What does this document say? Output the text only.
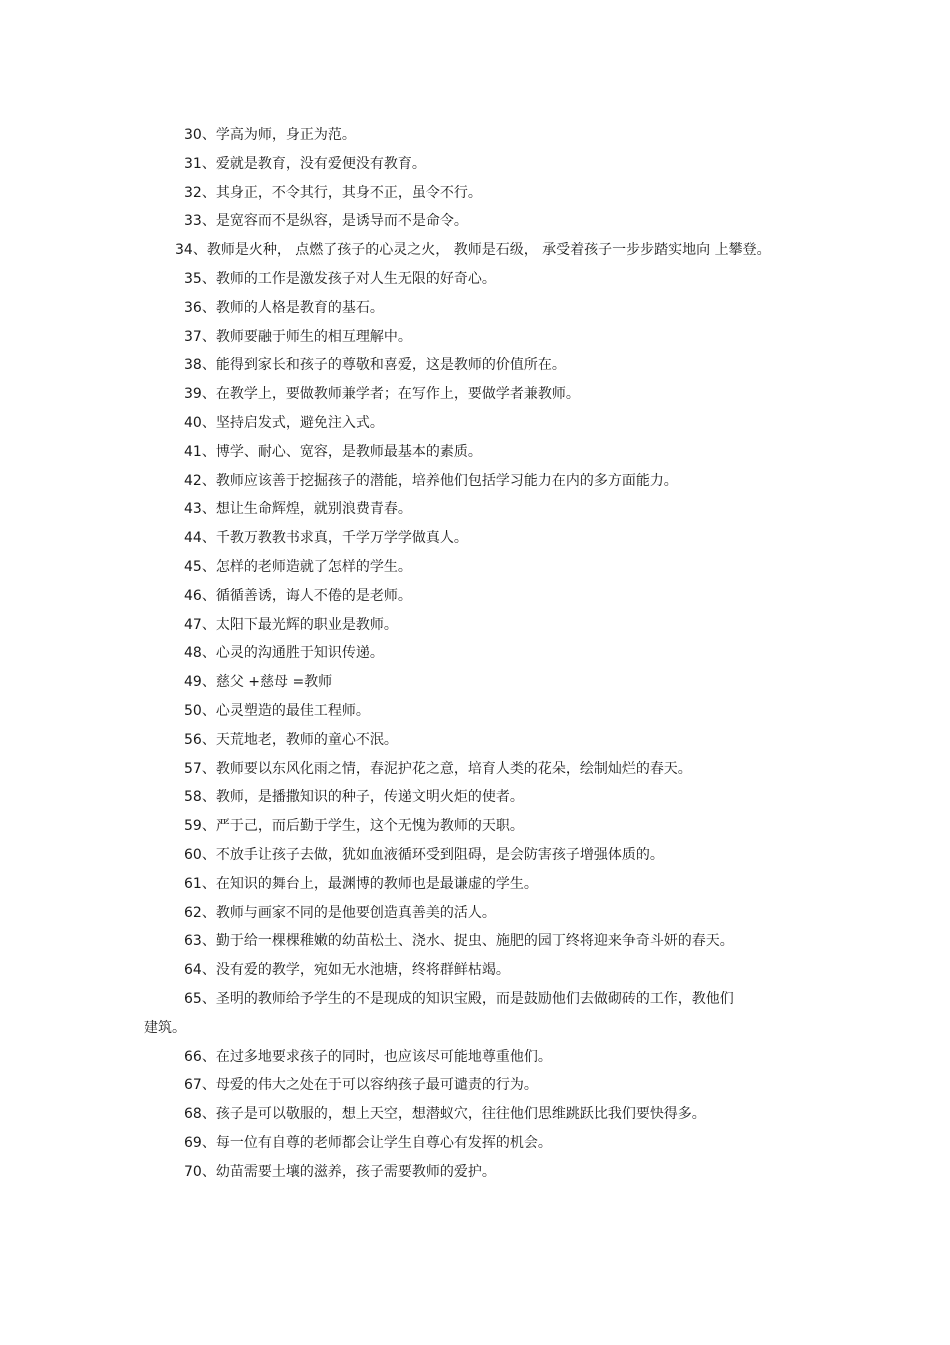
30、学高为师，身正为范。
31、爱就是教育，没有爱便没有教育。
32、其身正，不令其行，其身不正，虽令不行。
33、是宽容而不是纵容，是诱导而不是命令。
34、教师是火种， 点燃了孩子的心灵之火， 教师是石级， 承受着孩子一步步踏实地向 上攀登。
35、教师的工作是激发孩子对人生无限的好奇心。
36、教师的人格是教育的基石。
37、教师要融于师生的相互理解中。
38、能得到家长和孩子的尊敬和喜爱，这是教师的价值所在。
39、在教学上，要做教师兼学者；在写作上，要做学者兼教师。
40、坚持启发式，避免注入式。
41、博学、耐心、宽容，是教师最基本的素质。
42、教师应该善于挖掘孩子的潜能，培养他们包括学习能力在内的多方面能力。
43、想让生命辉煌，就别浪费青春。
44、千教万教教书求真，千学万学学做真人。
45、怎样的老师造就了怎样的学生。
46、循循善诱，诲人不倦的是老师。
47、太阳下最光辉的职业是教师。
48、心灵的沟通胜于知识传递。
49、慈父 +慈母 =教师
50、心灵塑造的最佳工程师。
56、天荒地老，教师的童心不泯。
57、教师要以东风化雨之情，春泥护花之意，培育人类的花朵，绘制灿烂的春天。
58、教师，是播撒知识的种子，传递文明火炬的使者。
59、严于己，而后勤于学生，这个无愧为教师的天职。
60、不放手让孩子去做，犹如血液循环受到阻碍，是会防害孩子增强体质的。
61、在知识的舞台上，最渊博的教师也是最谦虚的学生。
62、教师与画家不同的是他要创造真善美的活人。
63、勤于给一棵棵稚嫩的幼苗松土、浇水、捉虫、施肥的园丁终将迎来争奇斗妍的春天。
64、没有爱的教学，宛如无水池塘，终将群鲜枯竭。
65、圣明的教师给予学生的不是现成的知识宝殿，而是鼓励他们去做砌砖的工作，教他们建筑。
66、在过多地要求孩子的同时，也应该尽可能地尊重他们。
67、母爱的伟大之处在于可以容纳孩子最可谴责的行为。
68、孩子是可以敬服的，想上天空，想潜蚁穴，往往他们思维跳跃比我们要快得多。
69、每一位有自尊的老师都会让学生自尊心有发挥的机会。
70、幼苗需要土壤的滋养，孩子需要教师的爱护。
